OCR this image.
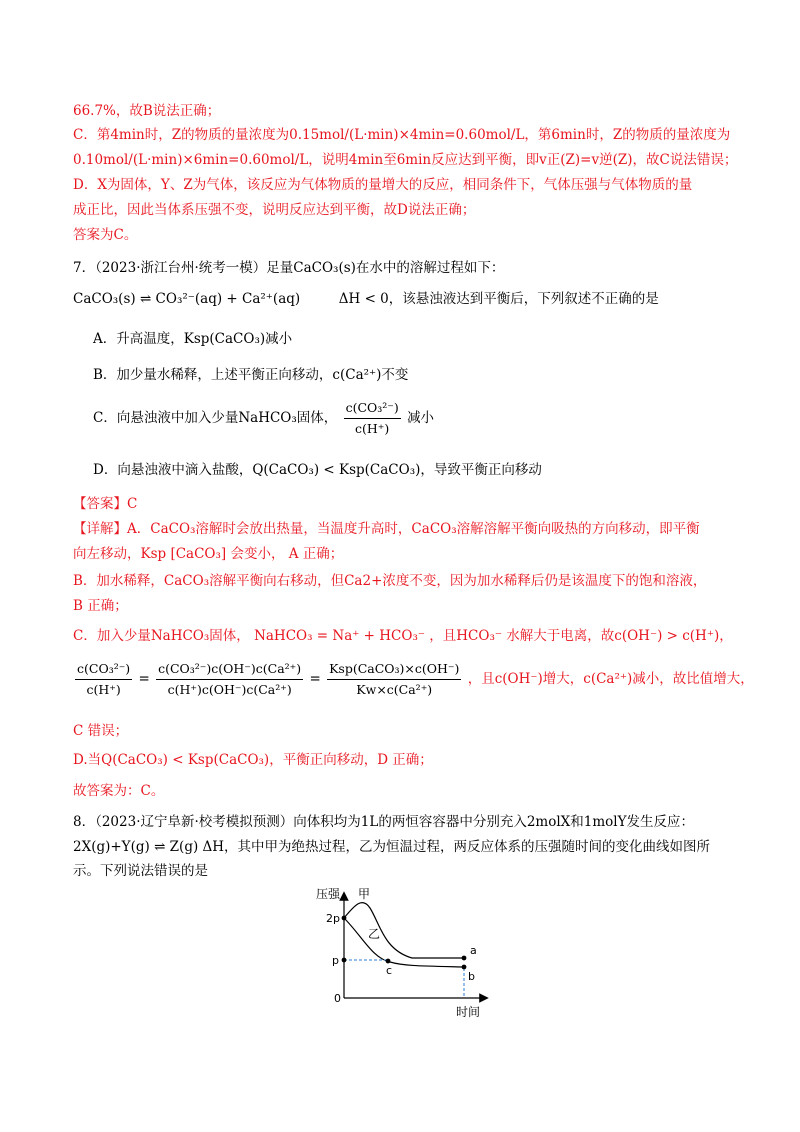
66.7%，故B说法正确；
C．第4min时，Z的物质的量浓度为0.15mol/(L·min)×4min=0.60mol/L，第6min时，Z的物质的量浓度为
0.10mol/(L·min)×6min=0.60mol/L，说明4min至6min反应达到平衡，即v正(Z)=v逆(Z)，故C说法错误；
D．X为固体，Y、Z为气体，该反应为气体物质的量增大的反应，相同条件下，气体压强与气体物质的量
成正比，因此当体系压强不变，说明反应达到平衡，故D说法正确；
答案为C。
7．（2023·浙江台州·统考一模）足量CaCO₃(s)在水中的溶解过程如下：
CaCO₃(s) ⇌ CO₃²⁻(aq) + Ca²⁺(aq)	ΔH < 0，该悬浊液达到平衡后，下列叙述不正确的是
A．升高温度，Ksp(CaCO₃)减小
B．加少量水稀释，上述平衡正向移动，c(Ca²⁺)不变
C．向悬浊液中加入少量NaHCO₃固体， $\frac{\text{c(CO₃²⁻)}}{c(H^+)}$ 减小
D．向悬浊液中滴入盐酸，Q(CaCO₃) < Ksp(CaCO₃)，导致平衡正向移动
【答案】C
【详解】A．CaCO₃溶解时会放出热量，当温度升高时，CaCO₃溶解溶解平衡向吸热的方向移动，即平衡
向左移动，Ksp [CaCO₃] 会变小， A 正确；
B．加水稀释，CaCO₃溶解平衡向右移动，但Ca2+浓度不变，因为加水稀释后仍是该温度下的饱和溶液，
B 正确；
C．加入少量NaHCO₃固体， NaHCO₃ = Na⁺ + HCO₃⁻ ，且HCO₃⁻ 水解大于电离，故c(OH⁻) > c(H⁺)，
$\frac{\text{c(CO₃²⁻)}}{c(H^+)} = \frac{\text{c(CO₃²⁻)c(OH⁻)c(Ca²⁺)}}{\text{c(H⁺)c(OH⁻)c(Ca²⁺)}} = \frac{\text{Ksp(CaCO₃)×c(OH⁻)}}{\text{Kw×c(Ca²⁺)}}$ ，且c(OH⁻)增大，c(Ca²⁺)减小，故比值增大，
C 错误；
D.当Q(CaCO₃) < Ksp(CaCO₃)，平衡正向移动，D 正确；
故答案为：C。
8．（2023·辽宁阜新·校考模拟预测）向体积均为1L的两恒容容器中分别充入2molX和1molY发生反应：
2X(g)+Y(g) ⇌ Z(g) ΔH，其中甲为绝热过程，乙为恒温过程，两反应体系的压强随时间的变化曲线如图所
示。下列说法错误的是
压强
时间
0
2p
p
甲
乙
a
b
c
